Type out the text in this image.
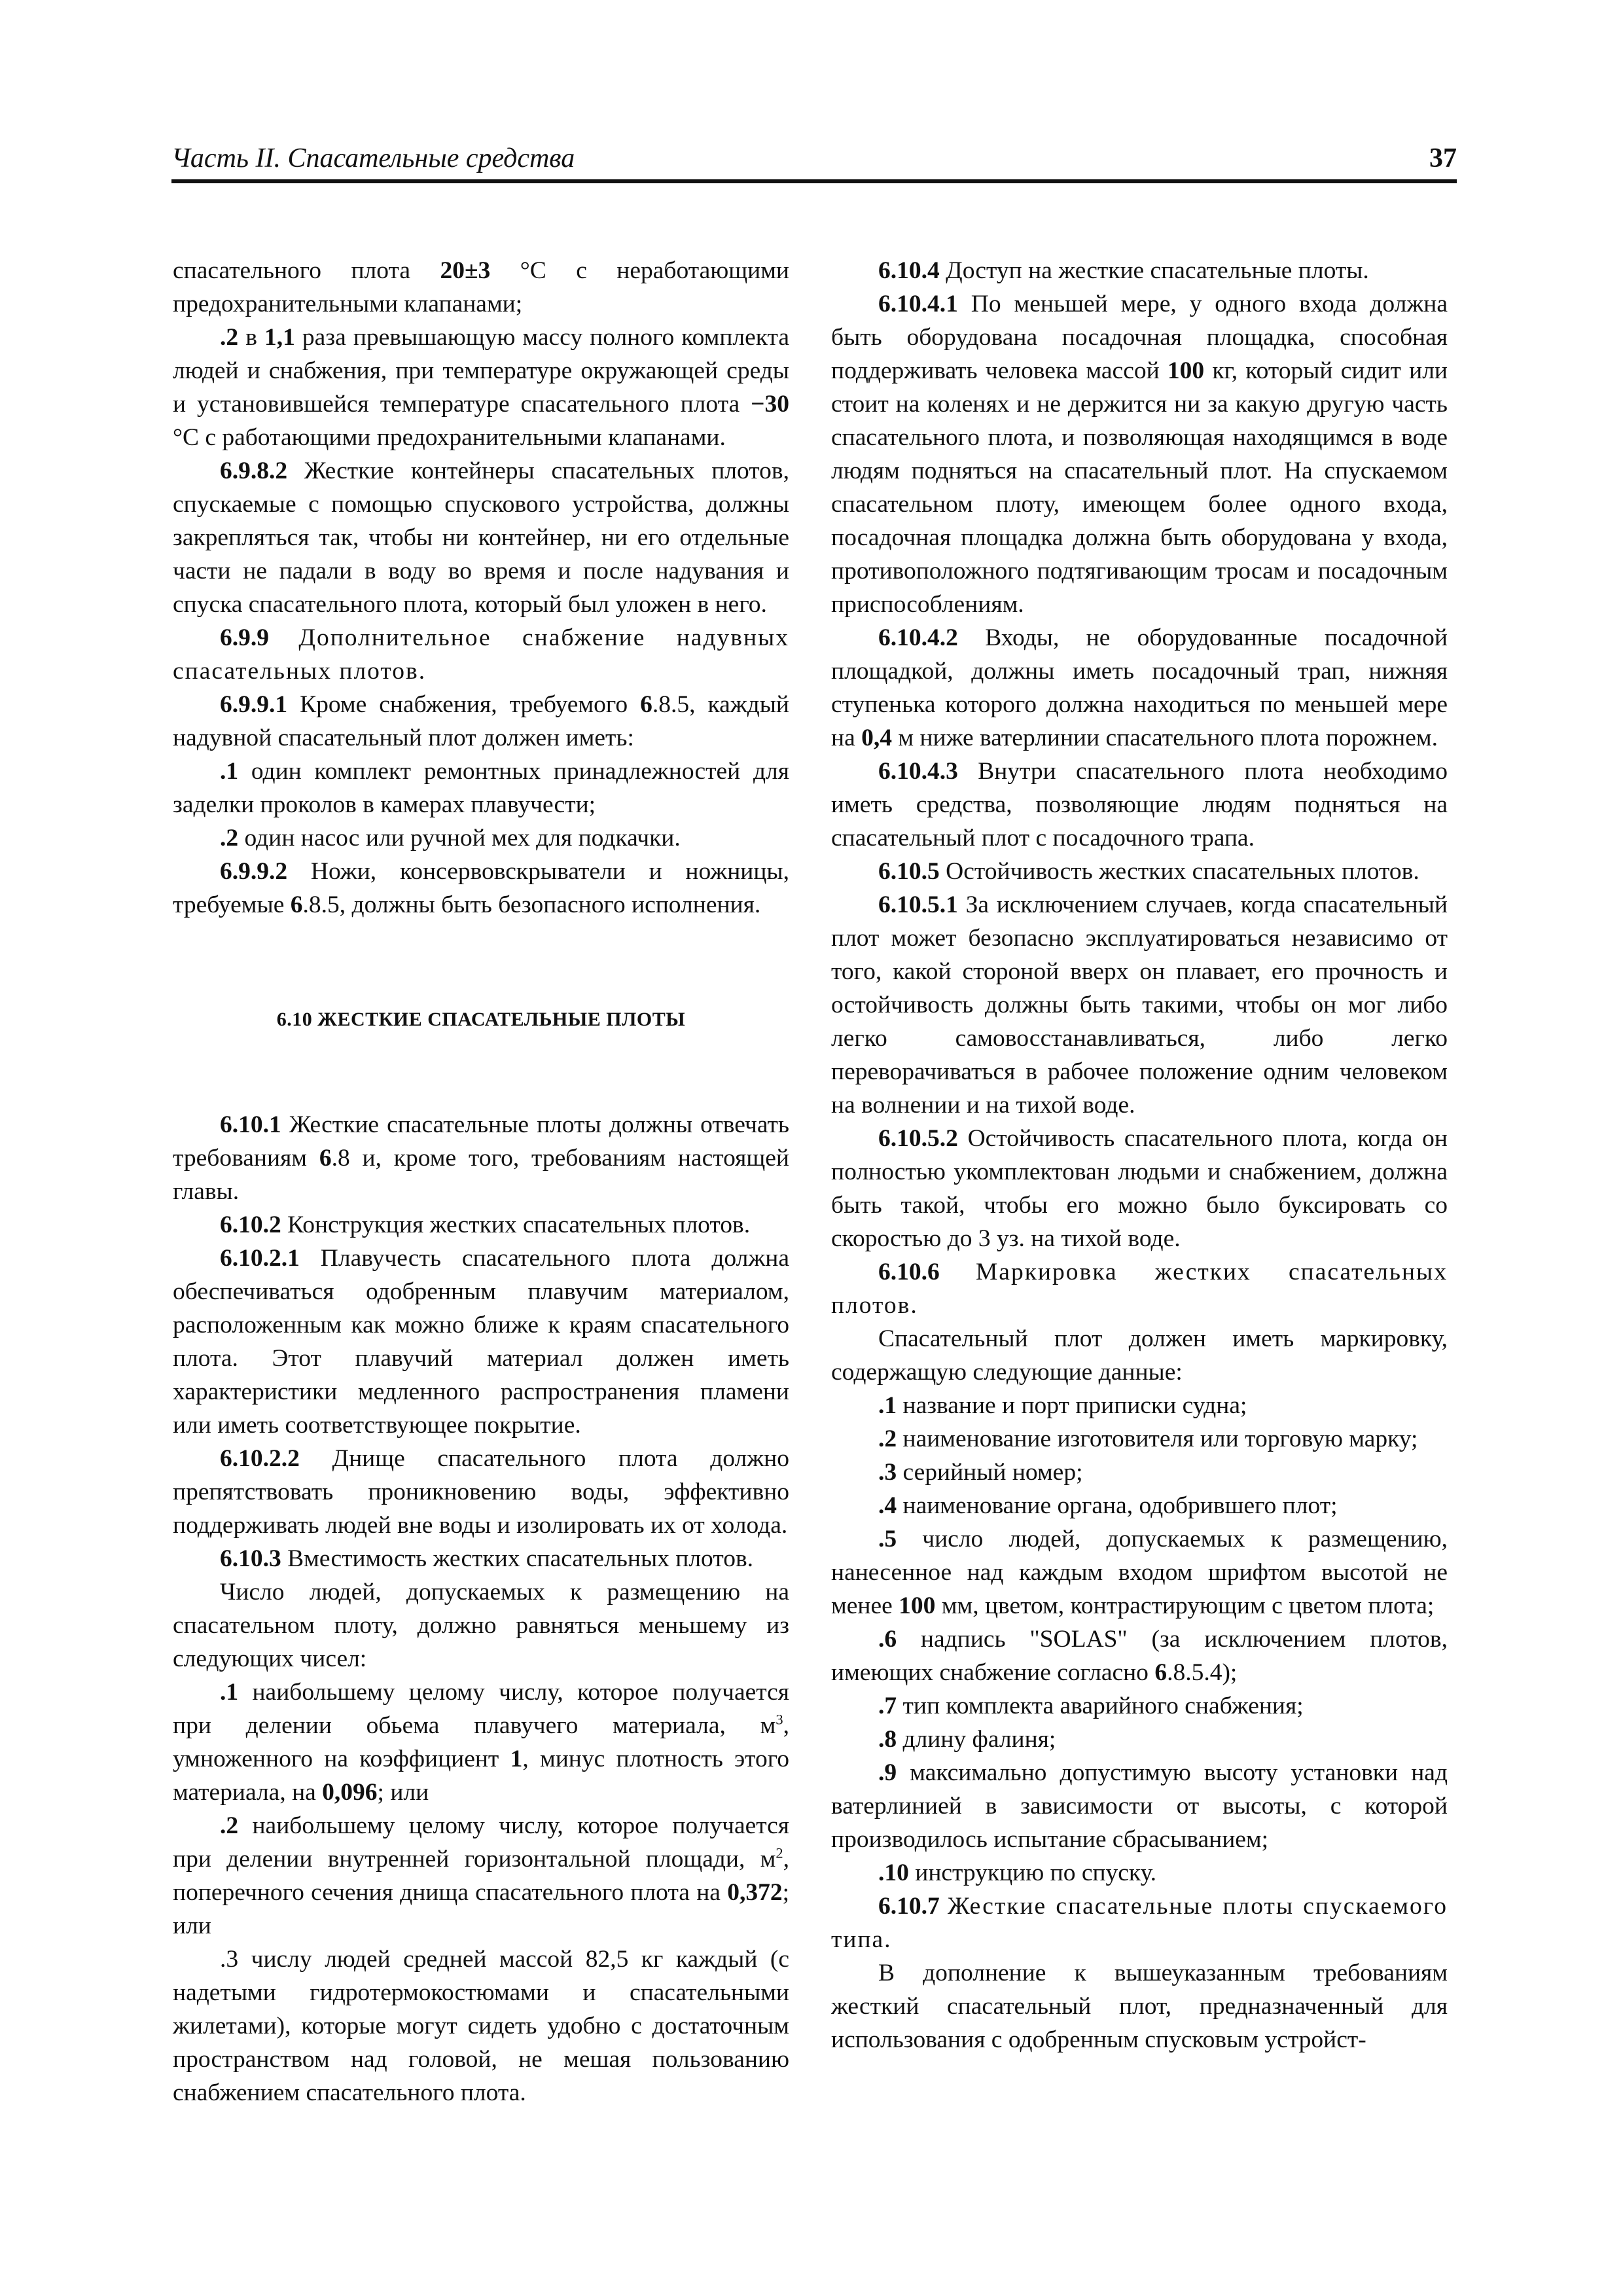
Часть II. Спасательные средства	37

спасательного плота 20±3 °С с неработающими предохранительными клапанами;

.2 в 1,1 раза превышающую массу полного комплекта людей и снабжения, при температуре окружающей среды и установившейся температуре спасательного плота −30 °С с работающими предохранительными клапанами.

6.9.8.2 Жесткие контейнеры спасательных плотов, спускаемые с помощью спускового устройства, должны закрепляться так, чтобы ни контейнер, ни его отдельные части не падали в воду во время и после надувания и спуска спасательного плота, который был уложен в него.

6.9.9 Дополнительное снабжение надувных спасательных плотов.

6.9.9.1 Кроме снабжения, требуемого 6.8.5, каждый надувной спасательный плот должен иметь:

.1 один комплект ремонтных принадлежностей для заделки проколов в камерах плавучести;

.2 один насос или ручной мех для подкачки.

6.9.9.2 Ножи, консервовскрыватели и ножницы, требуемые 6.8.5, должны быть безопасного исполнения.

6.10 ЖЕСТКИЕ СПАСАТЕЛЬНЫЕ ПЛОТЫ

6.10.1 Жесткие спасательные плоты должны отвечать требованиям 6.8 и, кроме того, требованиям настоящей главы.

6.10.2 Конструкция жестких спасательных плотов.

6.10.2.1 Плавучесть спасательного плота должна обеспечиваться одобренным плавучим материалом, расположенным как можно ближе к краям спасательного плота. Этот плавучий материал должен иметь характеристики медленного распространения пламени или иметь соответствующее покрытие.

6.10.2.2 Днище спасательного плота должно препятствовать проникновению воды, эффективно поддерживать людей вне воды и изолировать их от холода.

6.10.3 Вместимость жестких спасательных плотов.

Число людей, допускаемых к размещению на спасательном плоту, должно равняться меньшему из следующих чисел:

.1 наибольшему целому числу, которое получается при делении обьема плавучего материала, $м^3$, умноженного на коэффициент 1, минус плотность этого материала, на 0,096; или

.2 наибольшему целому числу, которое получается при делении внутренней горизонтальной площади, $м^2$, поперечного сечения днища спасательного плота на 0,372; или

.3 числу людей средней массой 82,5 кг каждый (с надетыми гидротермокостюмами и спасательными жилетами), которые могут сидеть удобно с достаточным пространством над головой, не мешая пользованию снабжением спасательного плота.

6.10.4 Доступ на жесткие спасательные плоты.

6.10.4.1 По меньшей мере, у одного входа должна быть оборудована посадочная площадка, способная поддерживать человека массой 100 кг, который сидит или стоит на коленях и не держится ни за какую другую часть спасательного плота, и позволяющая находящимся в воде людям подняться на спасательный плот. На спускаемом спасательном плоту, имеющем более одного входа, посадочная площадка должна быть оборудована у входа, противоположного подтягивающим тросам и посадочным приспособлениям.

6.10.4.2 Входы, не оборудованные посадочной площадкой, должны иметь посадочный трап, нижняя ступенька которого должна находиться по меньшей мере на 0,4 м ниже ватерлинии спасательного плота порожнем.

6.10.4.3 Внутри спасательного плота необходимо иметь средства, позволяющие людям подняться на спасательный плот с посадочного трапа.

6.10.5 Остойчивость жестких спасательных плотов.

6.10.5.1 За исключением случаев, когда спасательный плот может безопасно эксплуатироваться независимо от того, какой стороной вверх он плавает, его прочность и остойчивость должны быть такими, чтобы он мог либо легко самовосстанавливаться, либо легко переворачиваться в рабочее положение одним человеком на волнении и на тихой воде.

6.10.5.2 Остойчивость спасательного плота, когда он полностью укомплектован людьми и снабжением, должна быть такой, чтобы его можно было буксировать со скоростью до 3 уз. на тихой воде.

6.10.6 Маркировка жестких спасательных плотов.

Спасательный плот должен иметь маркировку, содержащую следующие данные:

.1 название и порт приписки судна;

.2 наименование изготовителя или торговую марку;

.3 серийный номер;

.4 наименование органа, одобрившего плот;

.5 число людей, допускаемых к размещению, нанесенное над каждым входом шрифтом высотой не менее 100 мм, цветом, контрастирующим с цветом плота;

.6 надпись "SOLAS" (за исключением плотов, имеющих снабжение согласно 6.8.5.4);

.7 тип комплекта аварийного снабжения;

.8 длину фалиня;

.9 максимально допустимую высоту установки над ватерлинией в зависимости от высоты, с которой производилось испытание сбрасыванием;

.10 инструкцию по спуску.

6.10.7 Жесткие спасательные плоты спускаемого типа.

В дополнение к вышеуказанным требованиям жесткий спасательный плот, предназначенный для использования с одобренным спусковым устройст-
